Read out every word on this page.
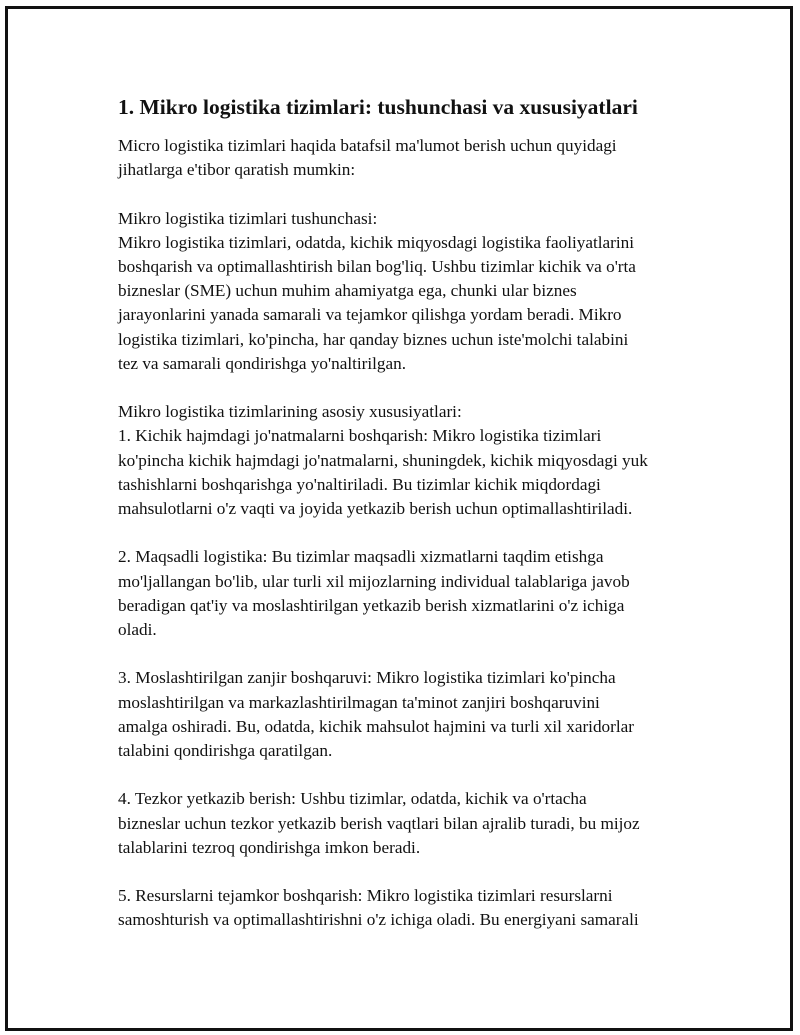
1. Mikro logistika tizimlari: tushunchasi va xususiyatlari
Micro logistika tizimlari haqida batafsil ma'lumot berish uchun quyidagi
jihatlarga e'tibor qaratish mumkin:
Mikro logistika tizimlari tushunchasi:
Mikro logistika tizimlari, odatda, kichik miqyosdagi logistika faoliyatlarini
boshqarish va optimallashtirish bilan bog'liq. Ushbu tizimlar kichik va o'rta
bizneslar (SME) uchun muhim ahamiyatga ega, chunki ular biznes
jarayonlarini yanada samarali va tejamkor qilishga yordam beradi. Mikro
logistika tizimlari, ko'pincha, har qanday biznes uchun iste'molchi talabini
tez va samarali qondirishga yo'naltirilgan.
Mikro logistika tizimlarining asosiy xususiyatlari:
1. Kichik hajmdagi jo'natmalarni boshqarish: Mikro logistika tizimlari
ko'pincha kichik hajmdagi jo'natmalarni, shuningdek, kichik miqyosdagi yuk
tashishlarni boshqarishga yo'naltiriladi. Bu tizimlar kichik miqdordagi
mahsulotlarni o'z vaqti va joyida yetkazib berish uchun optimallashtiriladi.
2. Maqsadli logistika: Bu tizimlar maqsadli xizmatlarni taqdim etishga
mo'ljallangan bo'lib, ular turli xil mijozlarning individual talablariga javob
beradigan qat'iy va moslashtirilgan yetkazib berish xizmatlarini o'z ichiga
oladi.
3. Moslashtirilgan zanjir boshqaruvi: Mikro logistika tizimlari ko'pincha
moslashtirilgan va markazlashtirilmagan ta'minot zanjiri boshqaruvini
amalga oshiradi. Bu, odatda, kichik mahsulot hajmini va turli xil xaridorlar
talabini qondirishga qaratilgan.
4. Tezkor yetkazib berish: Ushbu tizimlar, odatda, kichik va o'rtacha
bizneslar uchun tezkor yetkazib berish vaqtlari bilan ajralib turadi, bu mijoz
talablarini tezroq qondirishga imkon beradi.
5. Resurslarni tejamkor boshqarish: Mikro logistika tizimlari resurslarni
samoshturish va optimallashtirishni o'z ichiga oladi. Bu energiyani samarali
